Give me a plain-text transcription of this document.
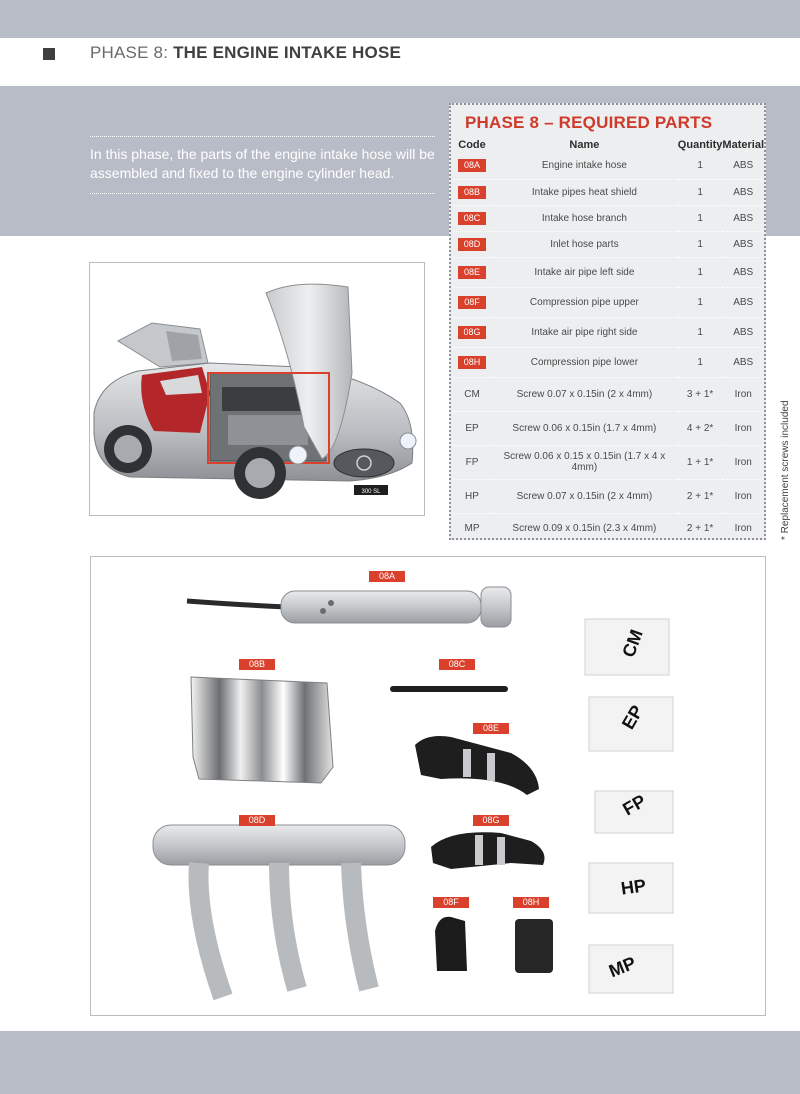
PHASE 8: THE ENGINE INTAKE HOSE

In this phase, the parts of the engine intake hose will be assembled and fixed to the engine cylinder head.

PHASE 8 – REQUIRED PARTS
Code	Name	Quantity	Material
08A	Engine intake hose	1	ABS
08B	Intake pipes heat shield	1	ABS
08C	Intake hose branch	1	ABS
08D	Inlet hose parts	1	ABS
08E	Intake air pipe left side	1	ABS
08F	Compression pipe upper	1	ABS
08G	Intake air pipe right side	1	ABS
08H	Compression pipe lower	1	ABS
CM	Screw 0.07 x 0.15in (2 x 4mm)	3 + 1*	Iron
EP	Screw 0.06 x 0.15in (1.7 x 4mm)	4 + 2*	Iron
FP	Screw 0.06 x 0.15 x 0.15in (1.7 x 4 x 4mm)	1 + 1*	Iron
HP	Screw 0.07 x 0.15in (2 x 4mm)	2 + 1*	Iron
MP	Screw 0.09 x 0.15in (2.3 x 4mm)	2 + 1*	Iron	* Replacement screws included
300 SL
08A
08B	08C
08E
08D	08G
08F	08H
CM
EP
FP
HP
MP
